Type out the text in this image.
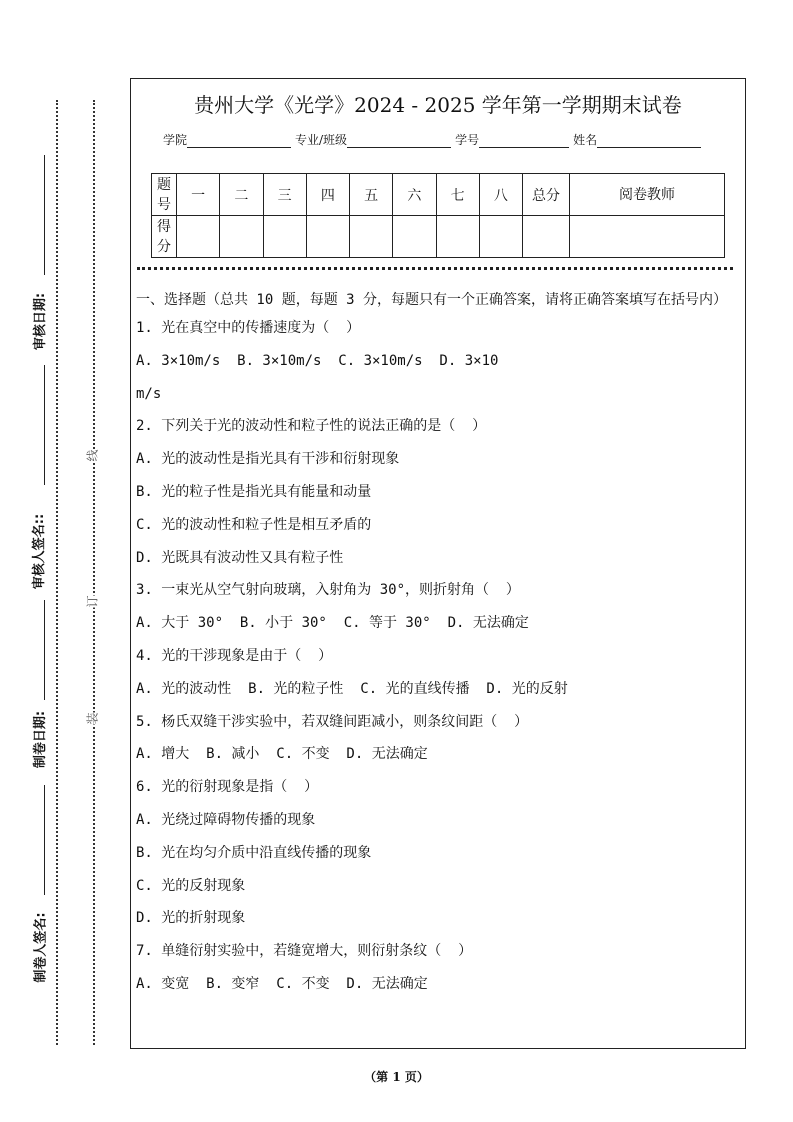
审核日期:
审核人签名::
制卷日期:
制卷人签名:
线
订
装
贵州大学《光学》2024 - 2025 学年第一学期期末试卷
学院	专业/班级	学号	姓名
题号	一	二	三	四	五	六	七	八	总分	阅卷教师
得分										
一、选择题（总共 10 题，每题 3 分，每题只有一个正确答案，请将正确答案填写在括号内）
1. 光在真空中的传播速度为（  ）
A. 3×10m/s  B. 3×10m/s  C. 3×10m/s  D. 3×10
m/s
2. 下列关于光的波动性和粒子性的说法正确的是（  ）
A. 光的波动性是指光具有干涉和衍射现象
B. 光的粒子性是指光具有能量和动量
C. 光的波动性和粒子性是相互矛盾的
D. 光既具有波动性又具有粒子性
3. 一束光从空气射向玻璃，入射角为 30°，则折射角（  ）
A. 大于 30°  B. 小于 30°  C. 等于 30°  D. 无法确定
4. 光的干涉现象是由于（  ）
A. 光的波动性  B. 光的粒子性  C. 光的直线传播  D. 光的反射
5. 杨氏双缝干涉实验中，若双缝间距减小，则条纹间距（  ）
A. 增大  B. 减小  C. 不变  D. 无法确定
6. 光的衍射现象是指（  ）
A. 光绕过障碍物传播的现象
B. 光在均匀介质中沿直线传播的现象
C. 光的反射现象
D. 光的折射现象
7. 单缝衍射实验中，若缝宽增大，则衍射条纹（  ）
A. 变宽  B. 变窄  C. 不变  D. 无法确定
（第 1 页）
